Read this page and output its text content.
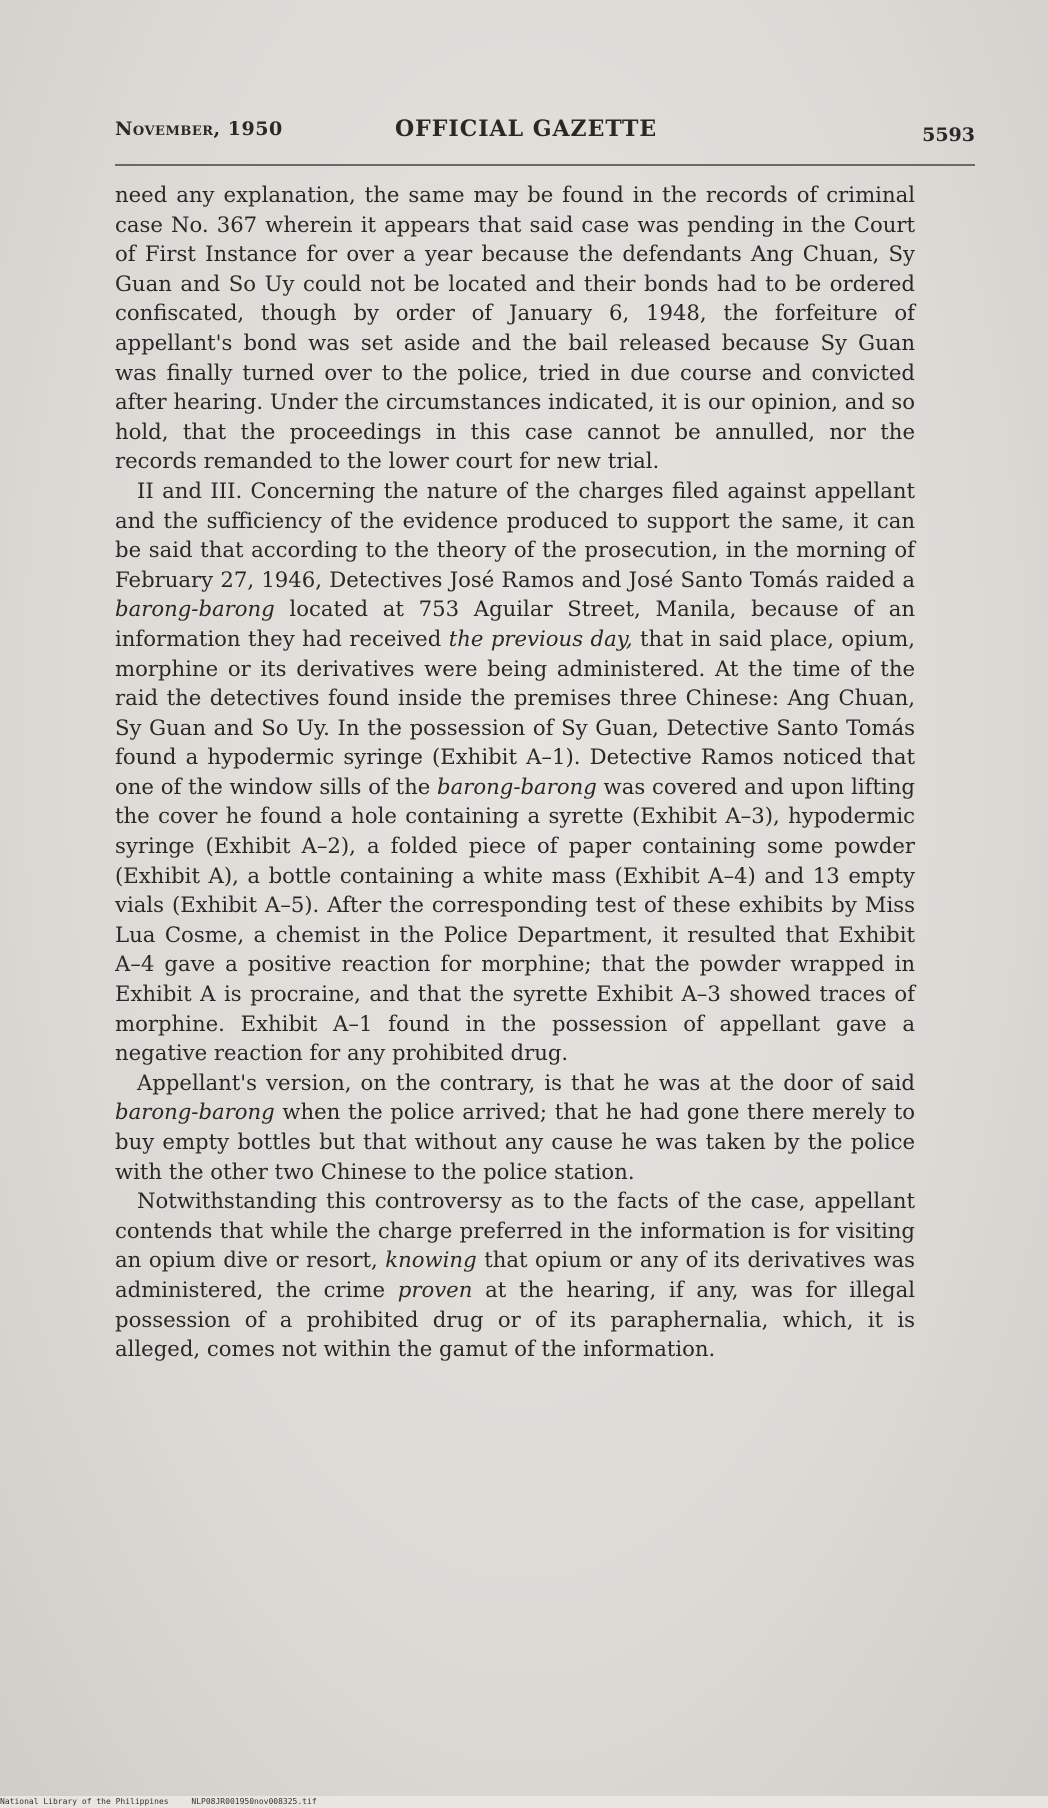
November, 1950	OFFICIAL GAZETTE	5593

need any explanation, the same may be found in the records of criminal case No. 367 wherein it appears that said case was pending in the Court of First Instance for over a year because the defendants Ang Chuan, Sy Guan and So Uy could not be located and their bonds had to be ordered confiscated, though by order of January 6, 1948, the forfeiture of appellant's bond was set aside and the bail released because Sy Guan was finally turned over to the police, tried in due course and convicted after hearing. Under the circumstances indicated, it is our opinion, and so hold, that the proceedings in this case cannot be annulled, nor the records remanded to the lower court for new trial.

II and III. Concerning the nature of the charges filed against appellant and the sufficiency of the evidence produced to support the same, it can be said that according to the theory of the prosecution, in the morning of February 27, 1946, Detectives José Ramos and José Santo Tomás raided a barong-barong located at 753 Aguilar Street, Manila, because of an information they had received the previous day, that in said place, opium, morphine or its derivatives were being administered. At the time of the raid the detectives found inside the premises three Chinese: Ang Chuan, Sy Guan and So Uy. In the possession of Sy Guan, Detective Santo Tomás found a hypodermic syringe (Exhibit A–1). Detective Ramos noticed that one of the window sills of the barong-barong was covered and upon lifting the cover he found a hole containing a syrette (Exhibit A–3), hypodermic syringe (Exhibit A–2), a folded piece of paper containing some powder (Exhibit A), a bottle containing a white mass (Exhibit A–4) and 13 empty vials (Exhibit A–5). After the corresponding test of these exhibits by Miss Lua Cosme, a chemist in the Police Department, it resulted that Exhibit A–4 gave a positive reaction for morphine; that the powder wrapped in Exhibit A is procraine, and that the syrette Exhibit A–3 showed traces of morphine. Exhibit A–1 found in the possession of appellant gave a negative reaction for any prohibited drug.

Appellant's version, on the contrary, is that he was at the door of said barong-barong when the police arrived; that he had gone there merely to buy empty bottles but that without any cause he was taken by the police with the other two Chinese to the police station.

Notwithstanding this controversy as to the facts of the case, appellant contends that while the charge preferred in the information is for visiting an opium dive or resort, knowing that opium or any of its derivatives was administered, the crime proven at the hearing, if any, was for illegal possession of a prohibited drug or of its paraphernalia, which, it is alleged, comes not within the gamut of the information.

National Library of the Philippines	NLP08JR001950nov008325.tif
